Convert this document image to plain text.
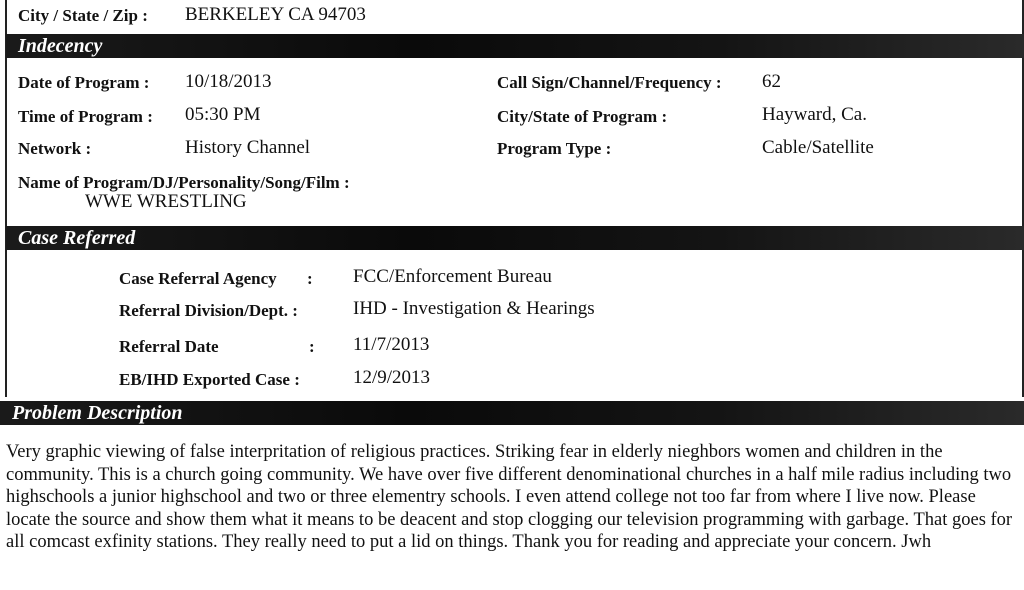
City / State / Zip : BERKELEY CA 94703
Indecency
Date of Program : 10/18/2013	Call Sign/Channel/Frequency : 62
Time of Program : 05:30 PM	City/State of Program :	Hayward, Ca.
Network :	History Channel	Program Type :	Cable/Satellite
Name of Program/DJ/Personality/Song/Film :
WWE WRESTLING
Case Referred
Case Referral Agency : FCC/Enforcement Bureau
Referral Division/Dept. :	IHD - Investigation & Hearings
Referral Date	: 11/7/2013
EB/IHD Exported Case :	12/9/2013
Problem Description
Very graphic viewing of false interpritation of religious practices. Striking fear in elderly nieghbors women and children in the community. This is a church going community. We have over five different denominational churches in a half mile radius including two highschools a junior highschool and two or three elementry schools. I even attend college not too far from where I live now. Please locate the source and show them what it means to be deacent and stop clogging our television programming with garbage. That goes for all comcast exfinity stations. They really need to put a lid on things. Thank you for reading and appreciate your concern. Jwh
